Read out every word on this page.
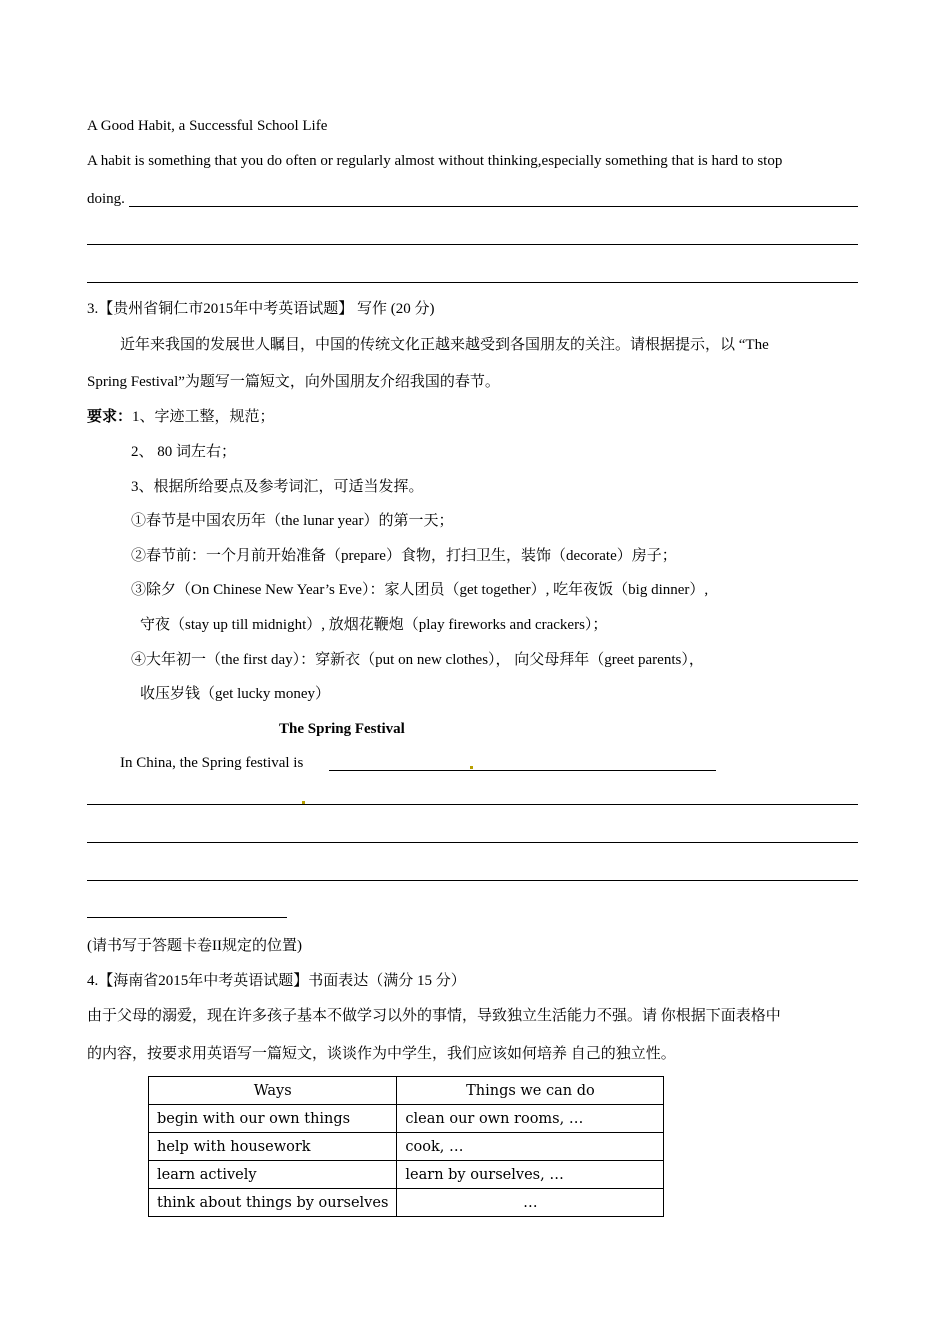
A Good Habit, a Successful School Life
A habit is something that you do often or regularly almost without thinking,especially something that is hard to stop
doing.
3.【贵州省铜仁市2015年中考英语试题】 写作 (20 分)
近年来我国的发展世人瞩目，中国的传统文化正越来越受到各国朋友的关注。请根据提示，以 “The
Spring Festival”为题写一篇短文，向外国朋友介绍我国的春节。
要求：1、字迹工整，规范；
2、 80 词左右；
3、根据所给要点及参考词汇，可适当发挥。
①春节是中国农历年（the lunar year）的第一天；
②春节前：一个月前开始准备（prepare）食物，打扫卫生，装饰（decorate）房子；
③除夕（On Chinese New Year’s Eve）：家人团员（get together）, 吃年夜饭（big dinner）,
守夜（stay up till midnight）, 放烟花鞭炮（play fireworks and crackers）；
④大年初一（the first day）：穿新衣（put on new clothes）， 向父母拜年（greet parents），
收压岁钱（get lucky money）
The Spring Festival
In China, the Spring festival is
(请书写于答题卡卷II规定的位置)
4.【海南省2015年中考英语试题】书面表达（满分 15 分）
由于父母的溺爱，现在许多孩子基本不做学习以外的事情，导致独立生活能力不强。请 你根据下面表格中
的内容，按要求用英语写一篇短文，谈谈作为中学生，我们应该如何培养 自己的独立性。
Ways	Things we can do
begin with our own things	clean our own rooms, …
help with housework	cook, …
learn actively	learn by ourselves, …
think about things by ourselves	…
